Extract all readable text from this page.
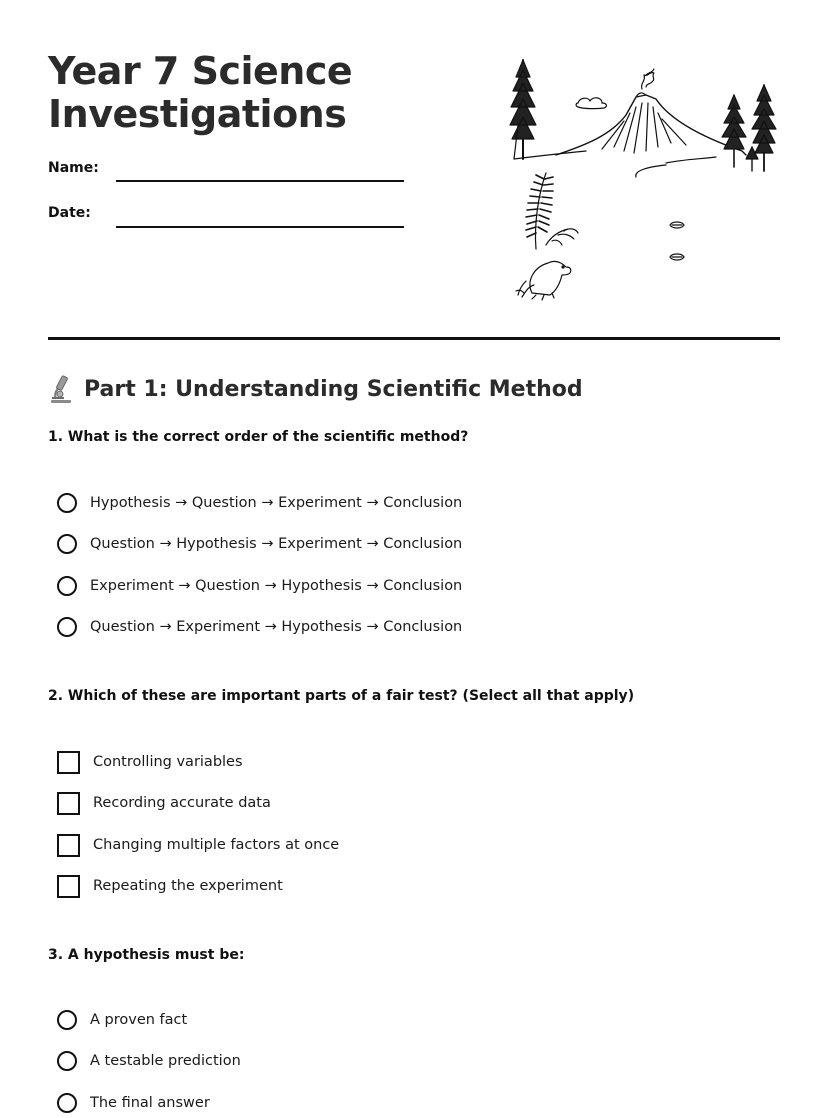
Year 7 Science
Investigations
Name:
Date:
Part 1: Understanding Scientific Method
1. What is the correct order of the scientific method?
Hypothesis → Question → Experiment → Conclusion
Question → Hypothesis → Experiment → Conclusion
Experiment → Question → Hypothesis → Conclusion
Question → Experiment → Hypothesis → Conclusion
2. Which of these are important parts of a fair test? (Select all that apply)
Controlling variables
Recording accurate data
Changing multiple factors at once
Repeating the experiment
3. A hypothesis must be:
A proven fact
A testable prediction
The final answer
